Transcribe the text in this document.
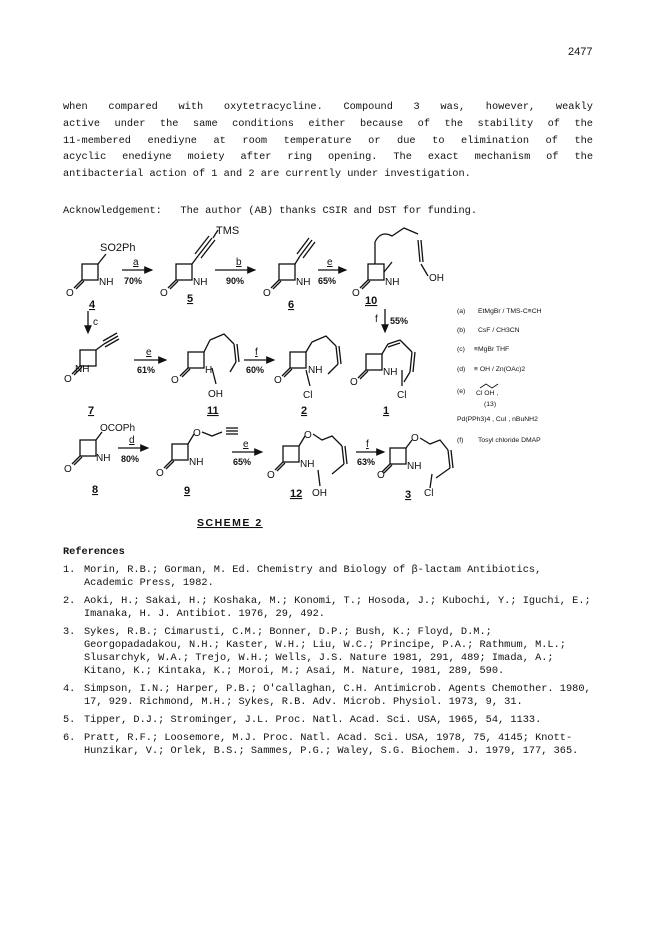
2477
when compared with oxytetracycline. Compound 3 was, however, weakly
active under the same conditions either because of the stability of the
11-membered enediyne at room temperature or due to elimination of the
acyclic enediyne moiety after ring opening. The exact mechanism of the
antibacterial action of 1 and 2 are currently under investigation.
Acknowledgement: The author (AB) thanks CSIR and DST for funding.
SO2Ph
NH
O
4
a
70%
TMS
NH
O 5
b
90%	NH
O
6
e
65%	NH
O
OH
10
c	f 55%
O
NH
7
e
61%
O
H
OH
11
f
60%
O
NH
Cl
2
O
NH
Cl
1
OCOPh
NH
O
8
d
80%
O
NH
O
9
e
65%
O
NH
O
OH
12
f
63%
O
NH
O
Cl
3
(a) EtMgBr / TMS-C≡CH
(b) CsF / CH3CN
(c) ≡MgBr THF
(d) ≡ OH / Zn(OAc)2
(e) Cl OH ,
(13)
Pd(PPh3)4 , CuI , nBuNH2
(f) Tosyl chloride DMAP
SCHEME 2
References
1. Morin, R.B.; Gorman, M. Ed. Chemistry and Biology of β-lactam Antibiotics, Academic Press, 1982.
2. Aoki, H.; Sakai, H.; Koshaka, M.; Konomi, T.; Hosoda, J.; Kubochi, Y.; Iguchi, E.; Imanaka, H. J. Antibiot. 1976, 29, 492.
3. Sykes, R.B.; Cimarusti, C.M.; Bonner, D.P.; Bush, K.; Floyd, D.M.; Georgopadadakou, N.H.; Kaster, W.H.; Liu, W.C.; Principe, P.A.; Rathmum, M.L.; Slusarchyk, W.A.; Trejo, W.H.; Wells, J.S. Nature 1981, 291, 489; Imada, A.; Kitano, K.; Kintaka, K.; Moroi, M.; Asai, M. Nature, 1981, 289, 590.
4. Simpson, I.N.; Harper, P.B.; O'callaghan, C.H. Antimicrob. Agents Chemother. 1980, 17, 929. Richmond, M.H.; Sykes, R.B. Adv. Microb. Physiol. 1973, 9, 31.
5. Tipper, D.J.; Strominger, J.L. Proc. Natl. Acad. Sci. USA, 1965, 54, 1133.
6. Pratt, R.F.; Loosemore, M.J. Proc. Natl. Acad. Sci. USA, 1978, 75, 4145; Knott-Hunzikar, V.; Orlek, B.S.; Sammes, P.G.; Waley, S.G. Biochem. J. 1979, 177, 365.
